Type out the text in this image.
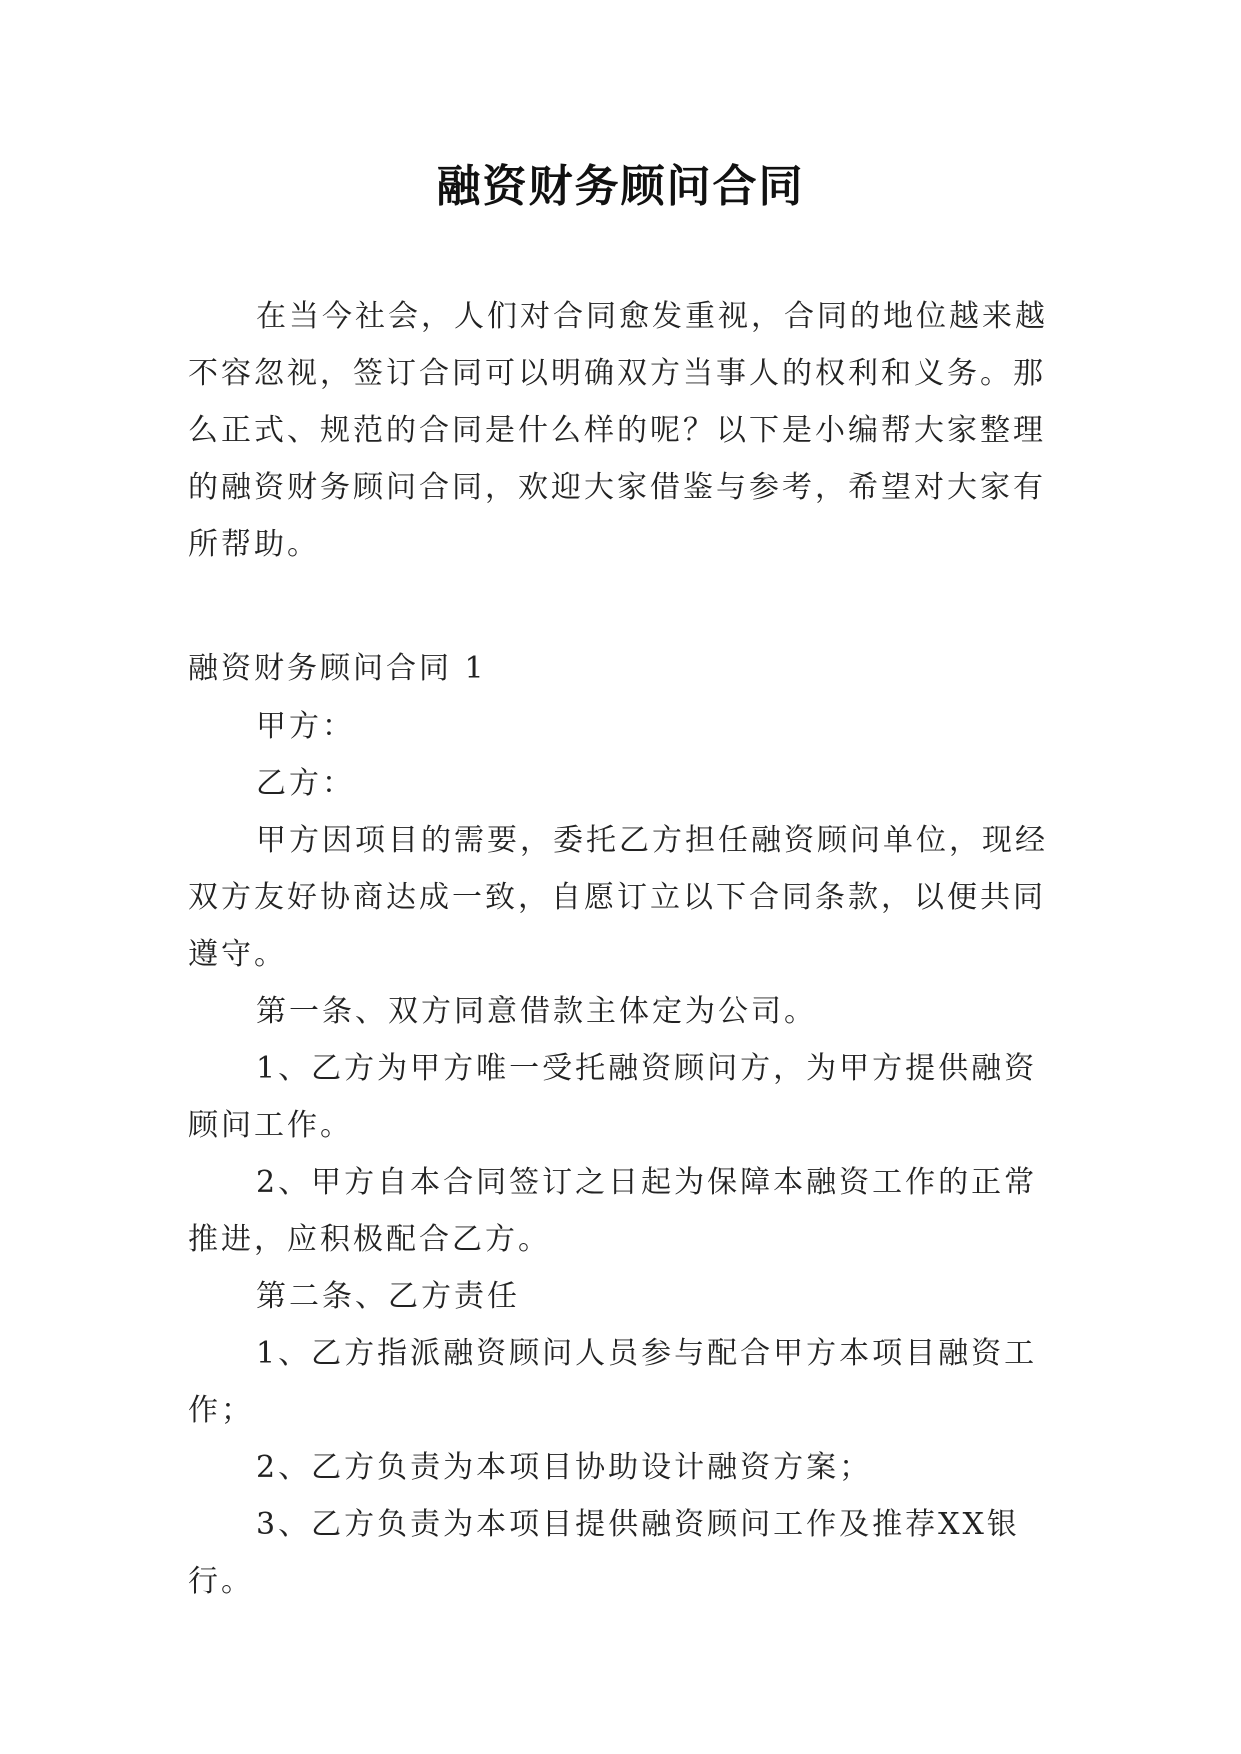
融资财务顾问合同

在当今社会，人们对合同愈发重视，合同的地位越来越不容忽视，签订合同可以明确双方当事人的权利和义务。那么正式、规范的合同是什么样的呢？以下是小编帮大家整理的融资财务顾问合同，欢迎大家借鉴与参考，希望对大家有所帮助。

融资财务顾问合同 1

甲方：

乙方：

甲方因项目的需要，委托乙方担任融资顾问单位，现经双方友好协商达成一致，自愿订立以下合同条款，以便共同遵守。

第一条、双方同意借款主体定为公司。

1、乙方为甲方唯一受托融资顾问方，为甲方提供融资顾问工作。

2、甲方自本合同签订之日起为保障本融资工作的正常推进，应积极配合乙方。

第二条、乙方责任

1、乙方指派融资顾问人员参与配合甲方本项目融资工作；

2、乙方负责为本项目协助设计融资方案；

3、乙方负责为本项目提供融资顾问工作及推荐XX银行。
